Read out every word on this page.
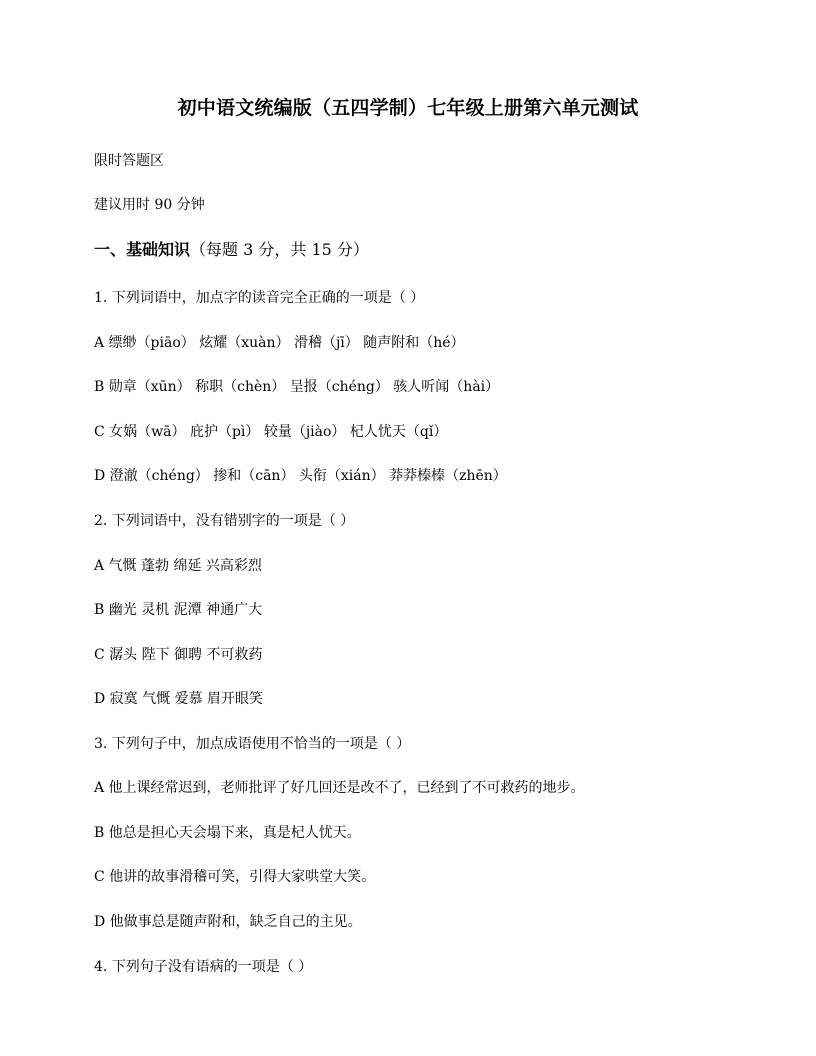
初中语文统编版（五四学制）七年级上册第六单元测试
限时答题区
建议用时 90 分钟
一、基础知识（每题 3 分，共 15 分）
1. 下列词语中，加点字的读音完全正确的一项是（ ）
A 缥缈（piāo） 炫耀（xuàn） 滑稽（jī） 随声附和（hé）
B 勋章（xūn） 称职（chèn） 呈报（chéng） 骇人听闻（hài）
C 女娲（wā） 庇护（pì） 较量（jiào） 杞人忧天（qǐ）
D 澄澈（chéng） 掺和（cān） 头衔（xián） 莽莽榛榛（zhēn）
2. 下列词语中，没有错别字的一项是（ ）
A 气慨 蓬勃 绵延 兴高彩烈
B 幽光 灵机 泥潭 神通广大
C 潺头 陛下 御聘 不可救药
D 寂寞 气慨 爱慕 眉开眼笑
3. 下列句子中，加点成语使用不恰当的一项是（ ）
A 他上课经常迟到，老师批评了好几回还是改不了，已经到了不可救药的地步。
B 他总是担心天会塌下来，真是杞人忧天。
C 他讲的故事滑稽可笑，引得大家哄堂大笑。
D 他做事总是随声附和，缺乏自己的主见。
4. 下列句子没有语病的一项是（ ）
